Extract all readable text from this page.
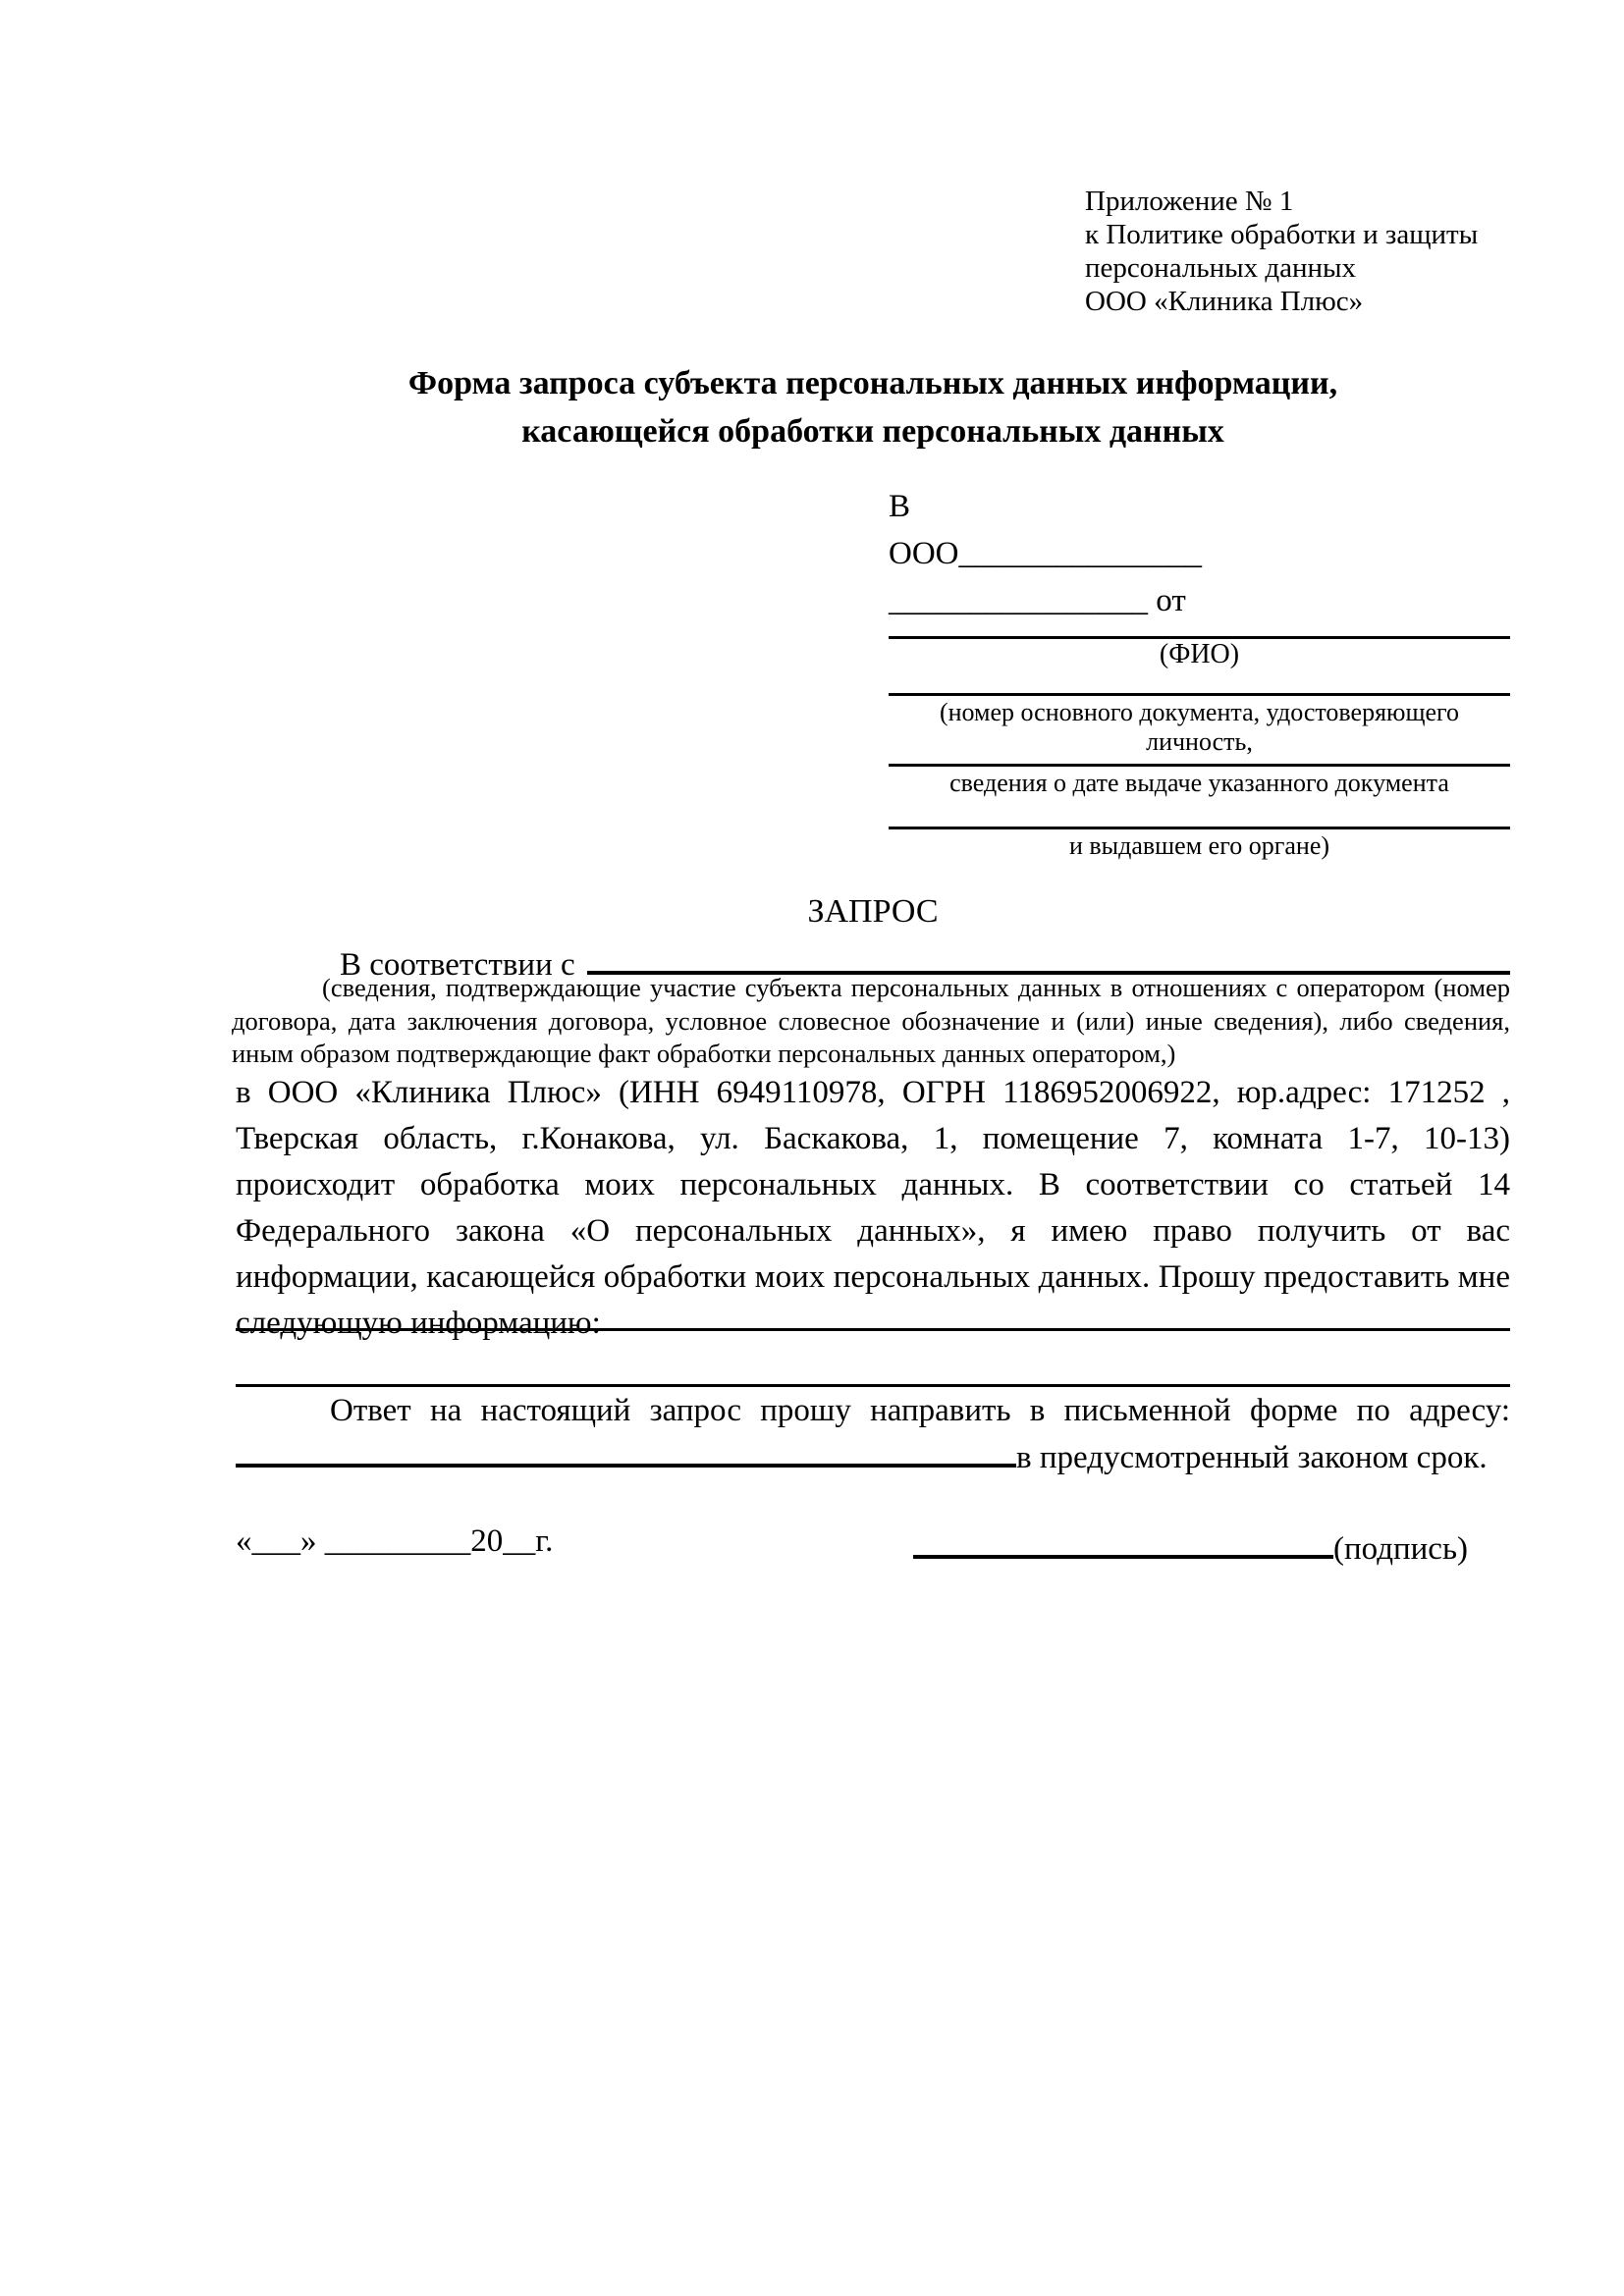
Приложение № 1
к Политике обработки и защиты
персональных данных
ООО «Клиника Плюс»
Форма запроса субъекта персональных данных информации,
касающейся обработки персональных данных
В
ООО_______________
________________ от
(ФИО)
(номер основного документа, удостоверяющего личность,
сведения о дате выдаче указанного документа
и выдавшем его органе)
ЗАПРОС
В соответствии с
(сведения, подтверждающие участие субъекта персональных данных в отношениях с оператором (номер договора, дата заключения договора, условное словесное обозначение и (или) иные сведения), либо сведения, иным образом подтверждающие факт обработки персональных данных оператором,)

в ООО «Клиника Плюс» (ИНН 6949110978, ОГРН 1186952006922, юр.адрес: 171252 , Тверская область, г.Конакова, ул. Баскакова, 1, помещение 7, комната 1-7, 10-13) происходит обработка моих персональных данных. В соответствии со статьей 14 Федерального закона «О персональных данных», я имею право получить от вас информации, касающейся обработки моих персональных данных. Прошу предоставить мне следующую информацию:

Ответ на настоящий запрос прошу направить в письменной форме по адресу: в предусмотренный законом срок.

«___» _________20__г.	(подпись)
